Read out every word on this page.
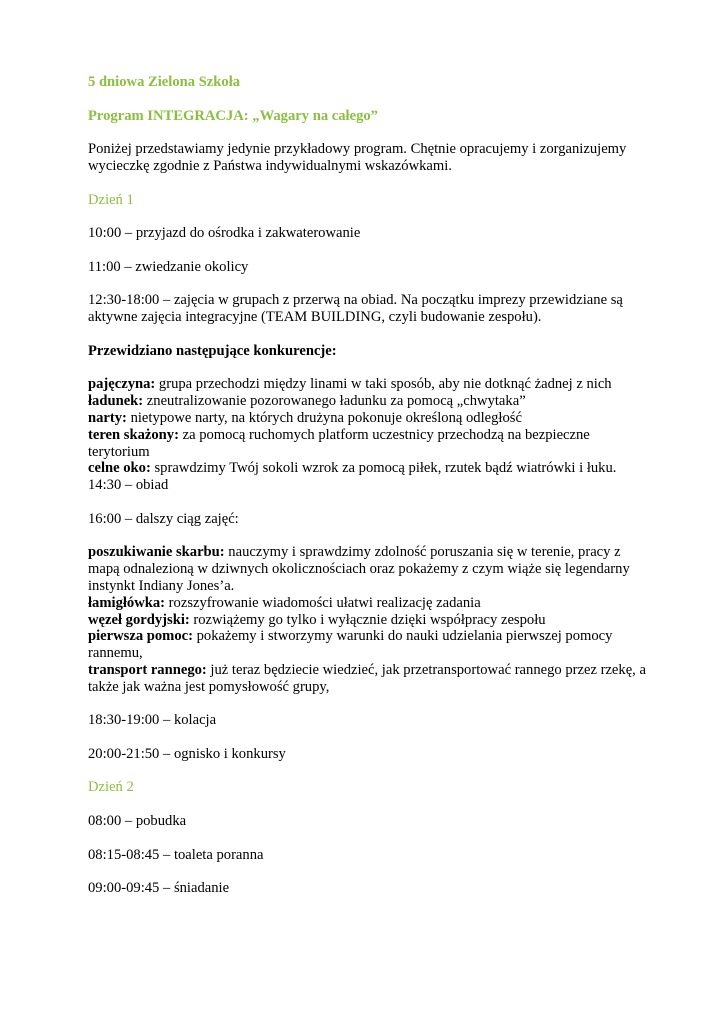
5 dniowa Zielona Szkoła
Program INTEGRACJA: „Wagary na całego”
Poniżej przedstawiamy jedynie przykładowy program. Chętnie opracujemy i zorganizujemy wycieczkę zgodnie z Państwa indywidualnymi wskazówkami.
Dzień 1
10:00 – przyjazd do ośrodka i zakwaterowanie
11:00 – zwiedzanie okolicy
12:30-18:00 – zajęcia w grupach z przerwą na obiad. Na początku imprezy przewidziane są aktywne zajęcia integracyjne (TEAM BUILDING, czyli budowanie zespołu).
Przewidziano następujące konkurencje:
pajęczyna: grupa przechodzi między linami w taki sposób, aby nie dotknąć żadnej z nich
ładunek: zneutralizowanie pozorowanego ładunku za pomocą „chwytaka”
narty: nietypowe narty, na których drużyna pokonuje określoną odległość
teren skażony: za pomocą ruchomych platform uczestnicy przechodzą na bezpieczne terytorium
celne oko: sprawdzimy Twój sokoli wzrok za pomocą piłek, rzutek bądź wiatrówki i łuku.
14:30 – obiad
16:00 – dalszy ciąg zajęć:
poszukiwanie skarbu: nauczymy i sprawdzimy zdolność poruszania się w terenie, pracy z mapą odnalezioną w dziwnych okolicznościach oraz pokażemy z czym wiąże się legendarny instynkt Indiany Jones’a.
łamigłówka: rozszyfrowanie wiadomości ułatwi realizację zadania
węzeł gordyjski: rozwiążemy go tylko i wyłącznie dzięki współpracy zespołu
pierwsza pomoc: pokażemy i stworzymy warunki do nauki udzielania pierwszej pomocy rannemu,
transport rannego: już teraz będziecie wiedzieć, jak przetransportować rannego przez rzekę, a także jak ważna jest pomysłowość grupy,
18:30-19:00 – kolacja
20:00-21:50 – ognisko i konkursy
Dzień 2
08:00 – pobudka
08:15-08:45 – toaleta poranna
09:00-09:45 – śniadanie
